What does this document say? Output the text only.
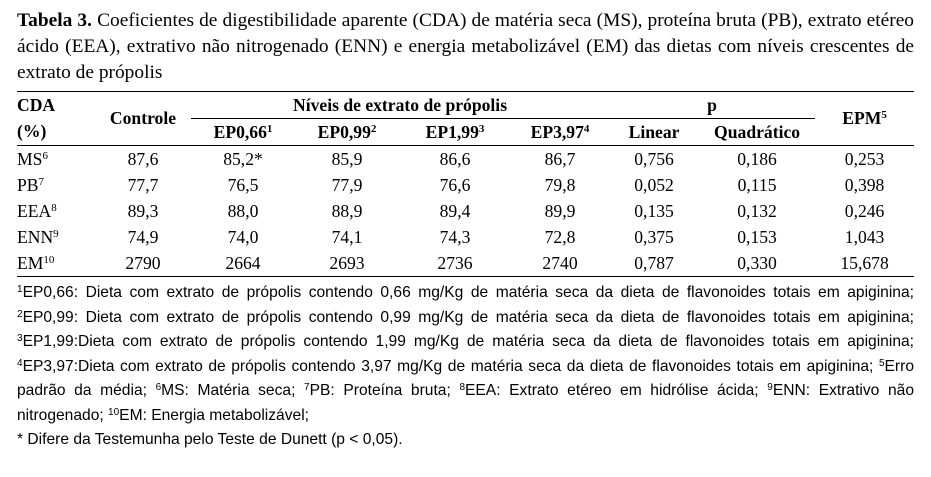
Tabela 3. Coeficientes de digestibilidade aparente (CDA) de matéria seca (MS), proteína bruta (PB), extrato etéreo ácido (EEA), extrativo não nitrogenado (ENN) e energia metabolizável (EM) das dietas com níveis crescentes de extrato de própolis

CDA	Controle	Níveis de extrato de própolis				p		EPM$^5$
(%)		EP0,66$^1$	EP0,99$^2$	EP1,99$^3$	EP3,97$^4$	Linear	Quadrático	
$MS^6$	87,6	85,2*	85,9	86,6	86,7	0,756	0,186	0,253
$PB^7$	77,7	76,5	77,9	76,6	79,8	0,052	0,115	0,398
EEA$^8$	89,3	88,0	88,9	89,4	89,9	0,135	0,132	0,246
ENN$^9$	74,9	74,0	74,1	74,3	72,8	0,375	0,153	1,043
EM$^{10}$	2790	2664	2693	2736	2740	0,787	0,330	15,678

$^1$EP0,66: Dieta com extrato de própolis contendo 0,66 mg/Kg de matéria seca da dieta de flavonoides totais em apiginina; $^2$EP0,99: Dieta com extrato de própolis contendo 0,99 mg/Kg de matéria seca da dieta de flavonoides totais em apiginina; $^3$EP1,99:Dieta com extrato de própolis contendo 1,99 mg/Kg de matéria seca da dieta de flavonoides totais em apiginina; $^4$EP3,97:Dieta com extrato de própolis contendo 3,97 mg/Kg de matéria seca da dieta de flavonoides totais em apiginina; $^5$Erro padrão da média; $^6$MS: Matéria seca; $^7$PB: Proteína bruta; $^8$EEA: Extrato etéreo em hidrólise ácida; $^9$ENN: Extrativo não nitrogenado; $^{10}$EM: Energia metabolizável;

* Difere da Testemunha pelo Teste de Dunett (p < 0,05).
